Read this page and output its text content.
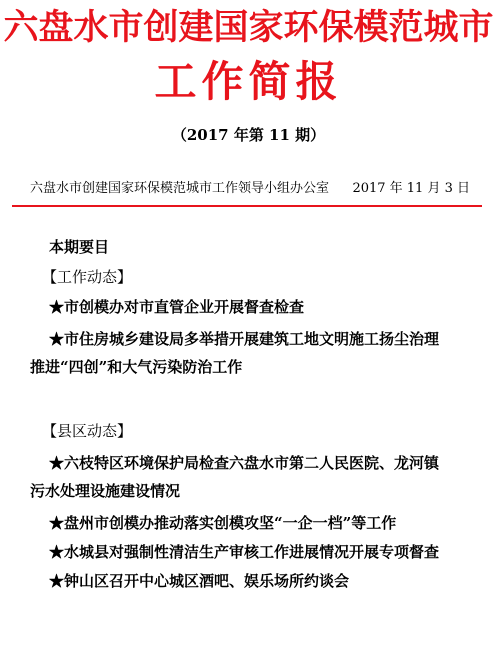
六盘水市创建国家环保模范城市
工作简报
（2017 年第 11 期）
六盘水市创建国家环保模范城市工作领导小组办公室 2017 年 11 月 3 日
本期要目
【工作动态】
★市创模办对市直管企业开展督查检查
★市住房城乡建设局多举措开展建筑工地文明施工扬尘治理
推进“四创”和大气污染防治工作
【县区动态】
★六枝特区环境保护局检查六盘水市第二人民医院、龙河镇
污水处理设施建设情况
★盘州市创模办推动落实创模攻坚“一企一档”等工作
★水城县对强制性清洁生产审核工作进展情况开展专项督查
★钟山区召开中心城区酒吧、娱乐场所约谈会
